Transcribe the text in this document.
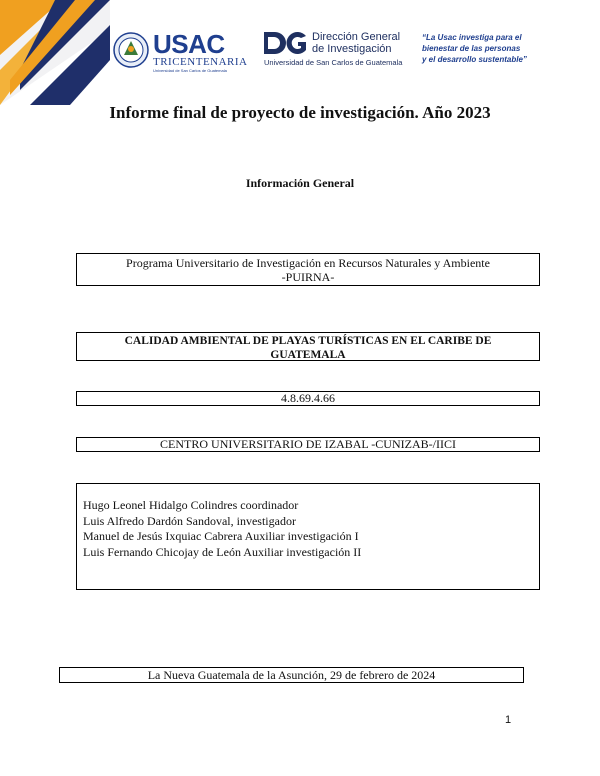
USAC
TRICENTENARIA
Universidad de San Carlos de Guatemala
Dirección General
de Investigación
Universidad de San Carlos de Guatemala
“La Usac investiga para el
bienestar de las personas
y el desarrollo sustentable”
Informe final de proyecto de investigación. Año 2023
Información General
Programa Universitario de Investigación en Recursos Naturales y Ambiente
-PUIRNA-
CALIDAD AMBIENTAL DE PLAYAS TURÍSTICAS EN EL CARIBE DE
GUATEMALA
4.8.69.4.66
CENTRO UNIVERSITARIO DE IZABAL -CUNIZAB-/IICI
Hugo Leonel Hidalgo Colindres coordinador
Luis Alfredo Dardón Sandoval, investigador
Manuel de Jesús Ixquiac Cabrera Auxiliar investigación I
Luis Fernando Chicojay de León Auxiliar investigación II
La Nueva Guatemala de la Asunción, 29 de febrero de 2024
1
